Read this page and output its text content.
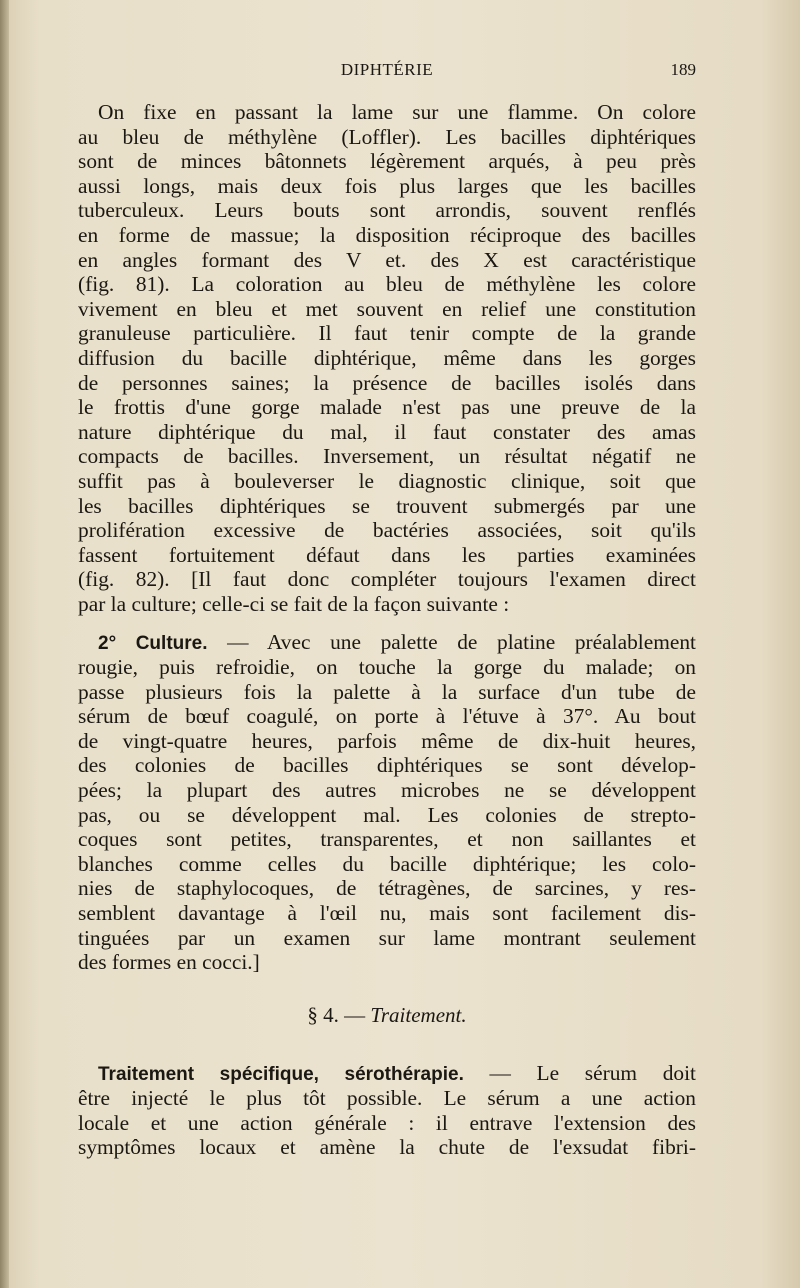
DIPHTÉRIE	189
On fixe en passant la lame sur une flamme. On colore
au bleu de méthylène (Loffler). Les bacilles diphtériques
sont de minces bâtonnets légèrement arqués, à peu près
aussi longs, mais deux fois plus larges que les bacilles
tuberculeux. Leurs bouts sont arrondis, souvent renflés
en forme de massue; la disposition réciproque des bacilles
en angles formant des V et. des X est caractéristique
(fig. 81). La coloration au bleu de méthylène les colore
vivement en bleu et met souvent en relief une constitution
granuleuse particulière. Il faut tenir compte de la grande
diffusion du bacille diphtérique, même dans les gorges
de personnes saines; la présence de bacilles isolés dans
le frottis d'une gorge malade n'est pas une preuve de la
nature diphtérique du mal, il faut constater des amas
compacts de bacilles. Inversement, un résultat négatif ne
suffit pas à bouleverser le diagnostic clinique, soit que
les bacilles diphtériques se trouvent submergés par une
prolifération excessive de bactéries associées, soit qu'ils
fassent fortuitement défaut dans les parties examinées
(fig. 82). [Il faut donc compléter toujours l'examen direct
par la culture; celle-ci se fait de la façon suivante :
2° Culture. — Avec une palette de platine préalablement
rougie, puis refroidie, on touche la gorge du malade; on
passe plusieurs fois la palette à la surface d'un tube de
sérum de bœuf coagulé, on porte à l'étuve à 37°. Au bout
de vingt-quatre heures, parfois même de dix-huit heures,
des colonies de bacilles diphtériques se sont dévelop-
pées; la plupart des autres microbes ne se développent
pas, ou se développent mal. Les colonies de strepto-
coques sont petites, transparentes, et non saillantes et
blanches comme celles du bacille diphtérique; les colo-
nies de staphylocoques, de tétragènes, de sarcines, y res-
semblent davantage à l'œil nu, mais sont facilement dis-
tinguées par un examen sur lame montrant seulement
des formes en cocci.]
§ 4. — Traitement.
Traitement spécifique, sérothérapie. — Le sérum doit
être injecté le plus tôt possible. Le sérum a une action
locale et une action générale : il entrave l'extension des
symptômes locaux et amène la chute de l'exsudat fibri-
